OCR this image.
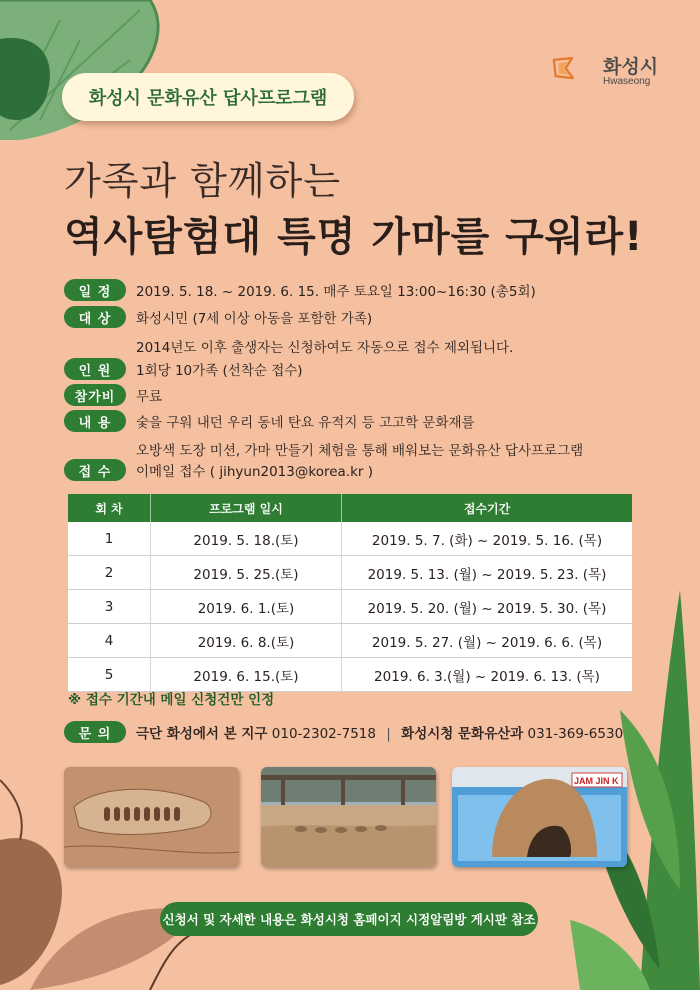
화성시 문화유산 답사프로그램
화성시
Hwaseong
가족과 함께하는
역사탐험대 특명 가마를 구워라!
일 정	2019. 5. 18. ~ 2019. 6. 15. 매주 토요일 13:00~16:30 (총5회)
대 상	화성시민 (7세 이상 아동을 포함한 가족)
2014년도 이후 출생자는 신청하여도 자동으로 접수 제외됩니다.
인 원	1회당 10가족 (선착순 접수)
참가비	무료
내 용	숯을 구워 내던 우리 동네 탄요 유적지 등 고고학 문화재를
오방색 도장 미션, 가마 만들기 체험을 통해 배워보는 문화유산 답사프로그램
접 수	이메일 접수 ( jihyun2013@korea.kr )
회 차	프로그램 일시	접수기간
1	2019. 5. 18.(토)	2019. 5. 7. (화) ~ 2019. 5. 16. (목)
2	2019. 5. 25.(토)	2019. 5. 13. (월) ~ 2019. 5. 23. (목)
3	2019. 6. 1.(토)	2019. 5. 20. (월) ~ 2019. 5. 30. (목)
4	2019. 6. 8.(토)	2019. 5. 27. (월) ~ 2019. 6. 6. (목)
5	2019. 6. 15.(토)	2019. 6. 3.(월) ~ 2019. 6. 13. (목)
※ 접수 기간내 메일 신청건만 인정
문 의	극단 화성에서 본 지구 010-2302-7518 | 화성시청 문화유산과 031-369-6530
JAM JIN K
신청서 및 자세한 내용은 화성시청 홈페이지 시정알림방 게시판 참조
